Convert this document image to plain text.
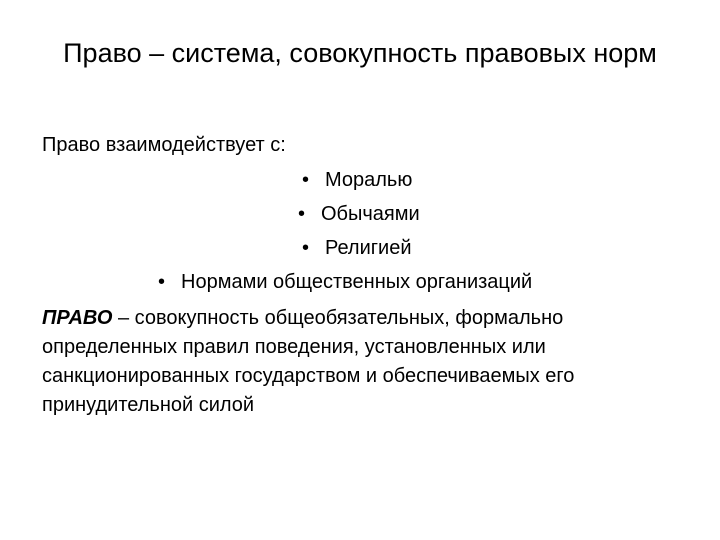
Право – система, совокупность правовых норм

Право взаимодействует с:

• Моралью
• Обычаями
• Религией
• Нормами общественных организаций

ПРАВО – совокупность общеобязательных, формально определенных правил поведения, установленных или санкционированных государством и обеспечиваемых его принудительной силой
